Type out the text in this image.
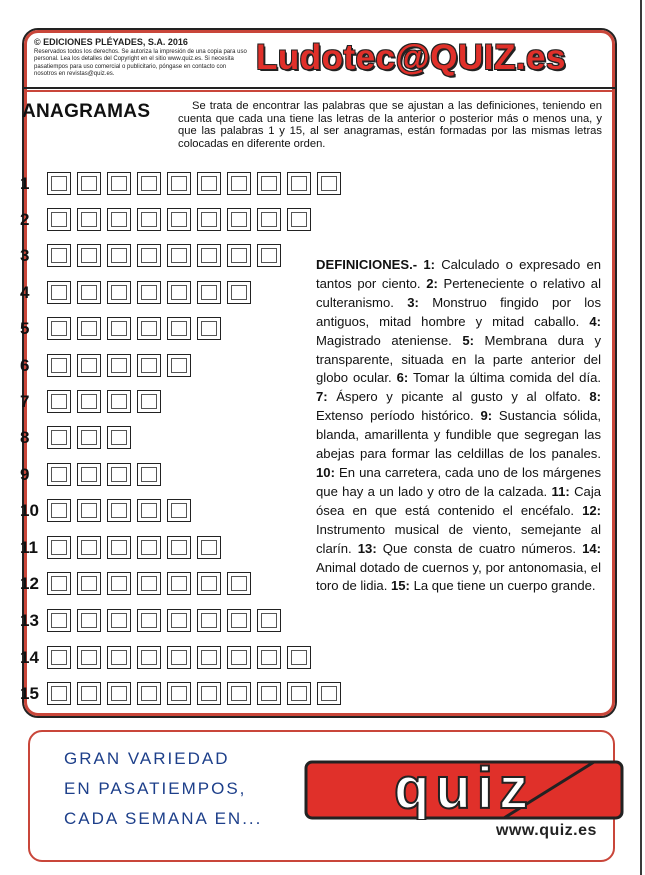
© EDICIONES PLÉYADES, S.A. 2016
Reservados todos los derechos. Se autoriza la impresión de una copia para uso personal. Lea los detalles del Copyright en el sitio www.quiz.es. Si necesita pasatiempos para uso comercial o publicitario, póngase en contacto con nosotros en revistas@quiz.es.	Ludotec@QUIZ.es
ANAGRAMAS	Se trata de encontrar las palabras que se ajustan a las definiciones, teniendo en cuenta que cada una tiene las letras de la anterior o posterior más o menos una, y que las palabras 1 y 15, al ser anagramas, están formadas por las mismas letras colocadas en diferente orden.
1
2
3
4
5
6
7
8
9
10
11
12
13
14
15
DEFINICIONES.- 1: Calculado o expresado en tantos por ciento. 2: Perteneciente o relativo al culteranismo. 3: Monstruo fingido por los antiguos, mitad hombre y mitad caballo. 4: Magistrado ateniense. 5: Membrana dura y transparente, situada en la parte anterior del globo ocular. 6: Tomar la última comida del día. 7: Áspero y picante al gusto y al olfato. 8: Extenso período histórico. 9: Sustancia sólida, blanda, amarillenta y fundible que segregan las abejas para formar las celdillas de los panales. 10: En una carretera, cada uno de los márgenes que hay a un lado y otro de la calzada. 11: Caja ósea en que está contenido el encéfalo. 12: Instrumento musical de viento, semejante al clarín. 13: Que consta de cuatro números. 14: Animal dotado de cuernos y, por antonomasia, el toro de lidia. 15: La que tiene un cuerpo grande.
GRAN VARIEDAD
EN PASATIEMPOS,
CADA SEMANA EN...	quiz
www.quiz.es
